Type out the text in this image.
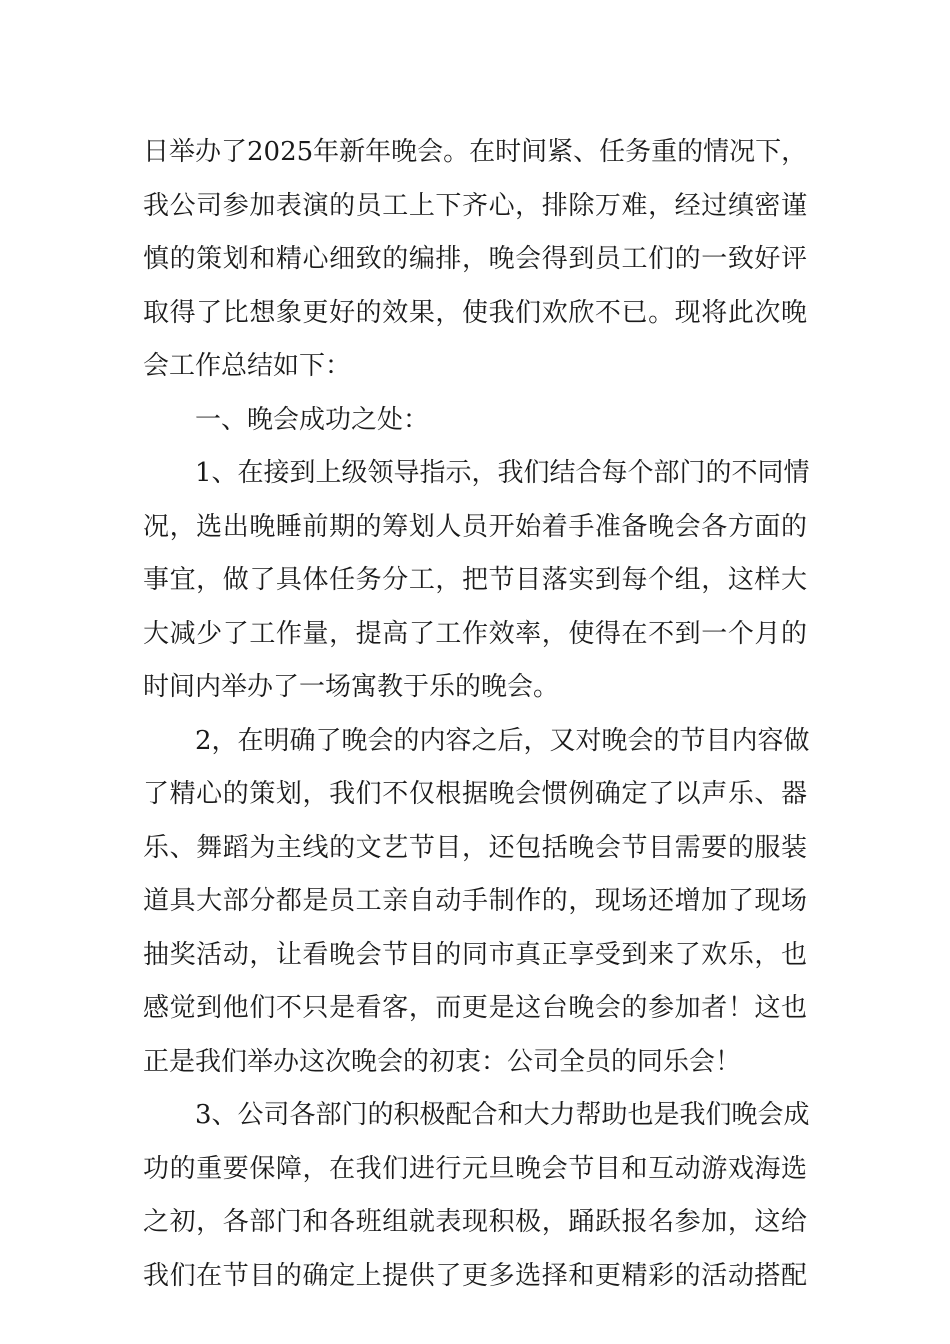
日举办了2025年新年晚会。在时间紧、任务重的情况下，
我公司参加表演的员工上下齐心，排除万难，经过缜密谨
慎的策划和精心细致的编排，晚会得到员工们的一致好评
取得了比想象更好的效果，使我们欢欣不已。现将此次晚
会工作总结如下：
一、晚会成功之处：
1、在接到上级领导指示，我们结合每个部门的不同情
况，选出晚睡前期的筹划人员开始着手准备晚会各方面的
事宜，做了具体任务分工，把节目落实到每个组，这样大
大减少了工作量，提高了工作效率，使得在不到一个月的
时间内举办了一场寓教于乐的晚会。
2，在明确了晚会的内容之后，又对晚会的节目内容做
了精心的策划，我们不仅根据晚会惯例确定了以声乐、器
乐、舞蹈为主线的文艺节目，还包括晚会节目需要的服装
道具大部分都是员工亲自动手制作的，现场还增加了现场
抽奖活动，让看晚会节目的同市真正享受到来了欢乐，也
感觉到他们不只是看客，而更是这台晚会的参加者！这也
正是我们举办这次晚会的初衷：公司全员的同乐会！
3、公司各部门的积极配合和大力帮助也是我们晚会成
功的重要保障，在我们进行元旦晚会节目和互动游戏海选
之初，各部门和各班组就表现积极，踊跃报名参加，这给
我们在节目的确定上提供了更多选择和更精彩的活动搭配
